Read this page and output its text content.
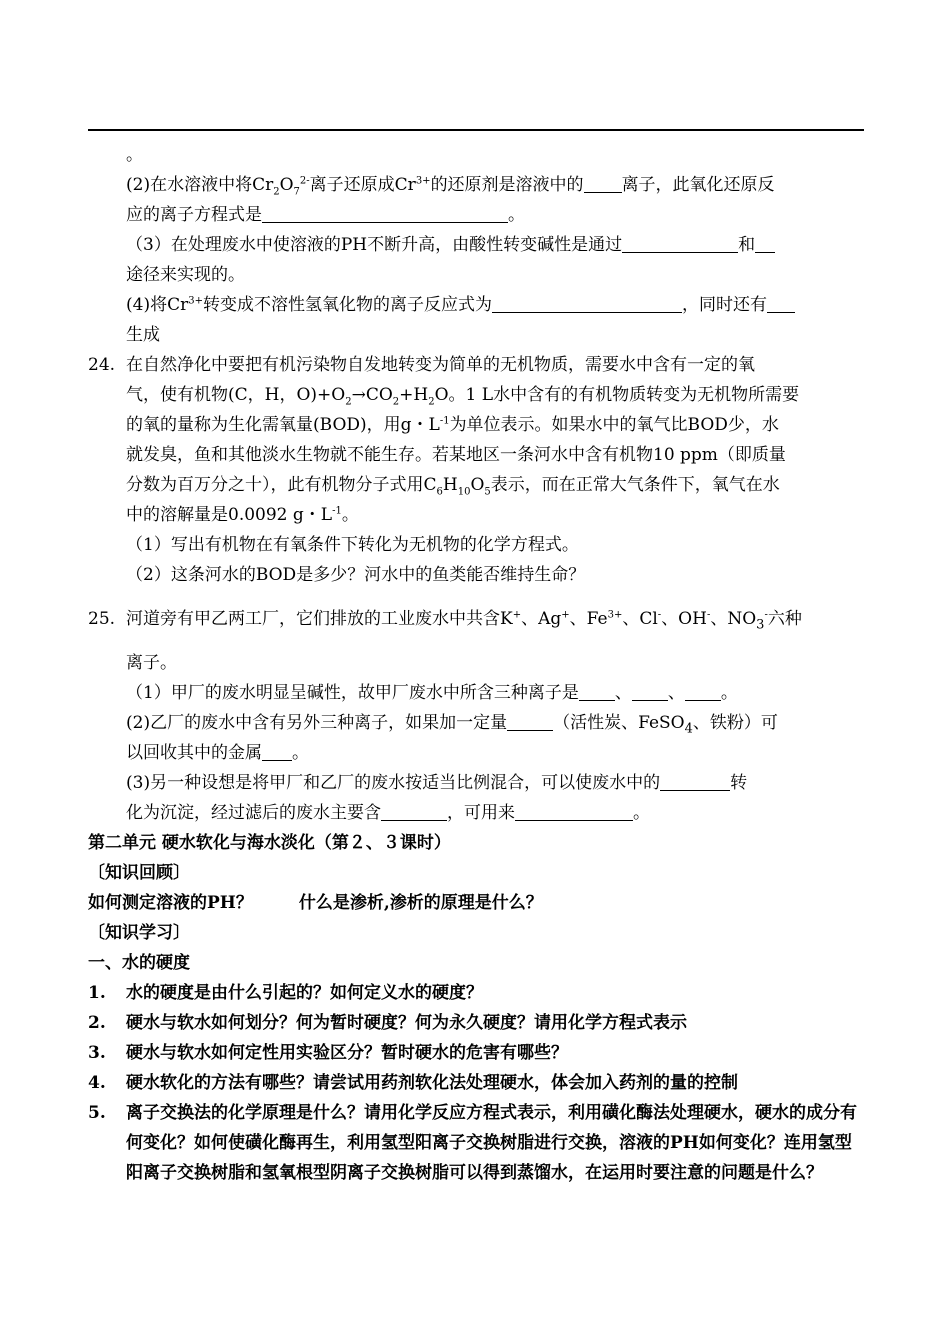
。
(2)在水溶液中将$Cr_2O_7^{2-}$离子还原成$Cr^{3+}$的还原剂是溶液中的 离子，此氧化还原反
应的离子方程式是	。
（3）在处理废水中使溶液的PH不断升高，由酸性转变碱性是通过	和
途径来实现的。
(4)将$Cr^{3+}$转变成不溶性氢氧化物的离子反应式为	，同时还有
生成
24. 在自然净化中要把有机污染物自发地转变为简单的无机物质，需要水中含有一定的氧
气，使有机物(C，H，$O)+O_2\to CO_2+H_2O$。1 L水中含有的有机物质转变为无机物所需要
的氧的量称为生化需氧量(BOD)，用g・$L^{-1}$为单位表示。如果水中的氧气比BOD少，水
就发臭，鱼和其他淡水生物就不能生存。若某地区一条河水中含有机物10 ppm（即质量
分数为百万分之十），此有机物分子式用$C_6H_{10}O_5$表示，而在正常大气条件下，氧气在水
中的溶解量是0.0092 g・$L^{-1}$。
（1）写出有机物在有氧条件下转化为无机物的化学方程式。
（2）这条河水的BOD是多少？河水中的鱼类能否维持生命？
25. 河道旁有甲乙两工厂，它们排放的工业废水中共含K+、Ag+、$Fe^{3+}$、Cl-、OH-、$NO_3^-$六种
离子。
（1）甲厂的废水明显呈碱性，故甲厂废水中所含三种离子是 、 、 。
(2)乙厂的废水中含有另外三种离子，如果加一定量	（活性炭、FeSO$_4$、铁粉）可
以回收其中的金属 。
(3)另一种设想是将甲厂和乙厂的废水按适当比例混合，可以使废水中的	转
化为沉淀，经过滤后的废水主要含	，可用来	。
第二单元 硬水软化与海水淡化（第２、３课时）
〔知识回顾〕
如何测定溶液的PH？	什么是渗析,渗析的原理是什么？
〔知识学习〕
一、水的硬度
1. 水的硬度是由什么引起的？如何定义水的硬度？
2. 硬水与软水如何划分？何为暂时硬度？何为永久硬度？请用化学方程式表示
3. 硬水与软水如何定性用实验区分？暂时硬水的危害有哪些？
4. 硬水软化的方法有哪些？请尝试用药剂软化法处理硬水，体会加入药剂的量的控制
5. 离子交换法的化学原理是什么？请用化学反应方程式表示，利用磺化酶法处理硬水，硬水的成分有何变化？如何使磺化酶再生，利用氢型阳离子交换树脂进行交换，溶液的PH如何变化？连用氢型阳离子交换树脂和氢氧根型阴离子交换树脂可以得到蒸馏水，在运用时要注意的问题是什么？
